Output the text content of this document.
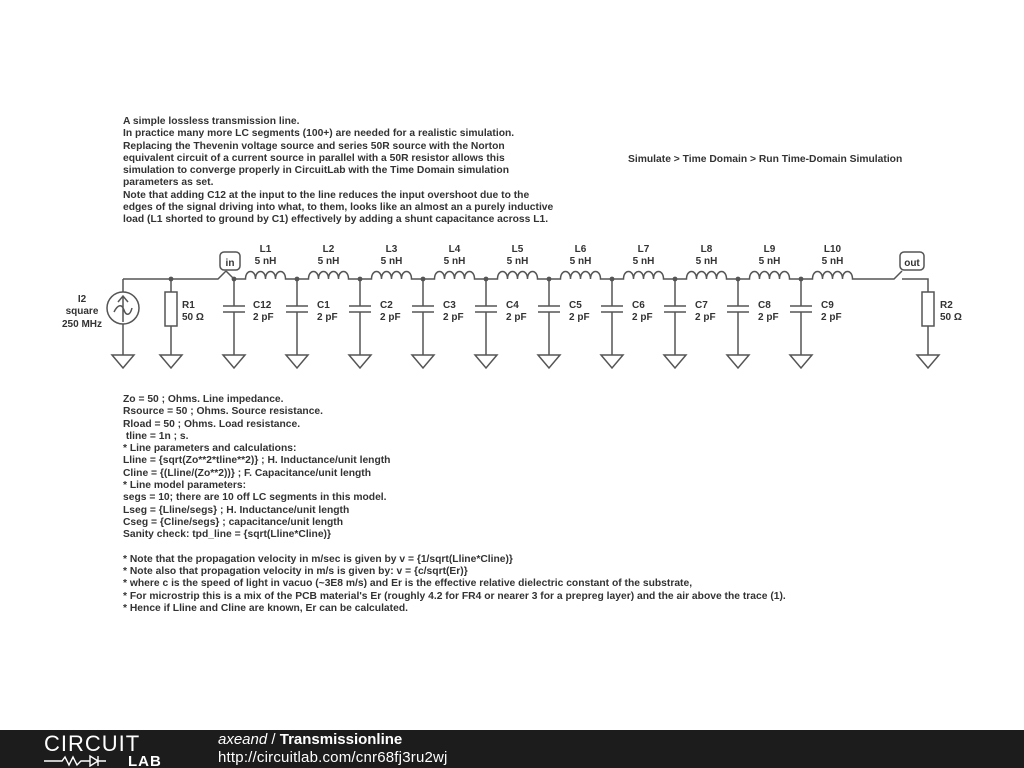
A simple lossless transmission line.
In practice many more LC segments (100+) are needed for a realistic simulation.
Replacing the Thevenin voltage source and series 50R source with the Norton
equivalent circuit of a current source in parallel with a 50R resistor allows this
simulation to converge properly in CircuitLab with the Time Domain simulation
parameters as set.
Note that adding C12 at the input to the line reduces the input overshoot due to the
edges of the signal driving into what, to them, looks like an almost an a purely inductive
load (L1 shorted to ground by C1) effectively by adding a shunt capacitance across L1.
Simulate > Time Domain > Run Time-Domain Simulation
in
C12
2 pF
L1
5 nH
C1
2 pF
L2
5 nH
C2
2 pF
L3
5 nH
C3
2 pF
L4
5 nH
C4
2 pF
L5
5 nH
C5
2 pF
L6
5 nH
C6
2 pF
L7
5 nH
C7
2 pF
L8
5 nH
C8
2 pF
L9
5 nH
C9
2 pF
L10
5 nH	out
I2
square
250 MHz
R1
50 Ω
R2
50 Ω
Zo = 50 ; Ohms. Line impedance.
Rsource = 50 ; Ohms. Source resistance.
Rload = 50 ; Ohms. Load resistance.
tline = 1n ; s.
* Line parameters and calculations:
Lline = {sqrt(Zo**2*tline**2)} ; H. Inductance/unit length
Cline = {(Lline/(Zo**2))} ; F. Capacitance/unit length
* Line model parameters:
segs = 10; there are 10 off LC segments in this model.
Lseg = {Lline/segs} ; H. Inductance/unit length
Cseg = {Cline/segs} ; capacitance/unit length
Sanity check: tpd_line = {sqrt(Lline*Cline)}

* Note that the propagation velocity in m/sec is given by v = {1/sqrt(Lline*Cline)}
* Note also that propagation velocity in m/s is given by: v = {c/sqrt(Er)}
* where c is the speed of light in vacuo (~3E8 m/s) and Er is the effective relative dielectric constant of the substrate,
* For microstrip this is a mix of the PCB material's Er (roughly 4.2 for FR4 or nearer 3 for a prepreg layer) and the air above the trace (1).
* Hence if Lline and Cline are known, Er can be calculated.
CIRCUIT
LAB
axeand / Transmissionline
http://circuitlab.com/cnr68fj3ru2wj
